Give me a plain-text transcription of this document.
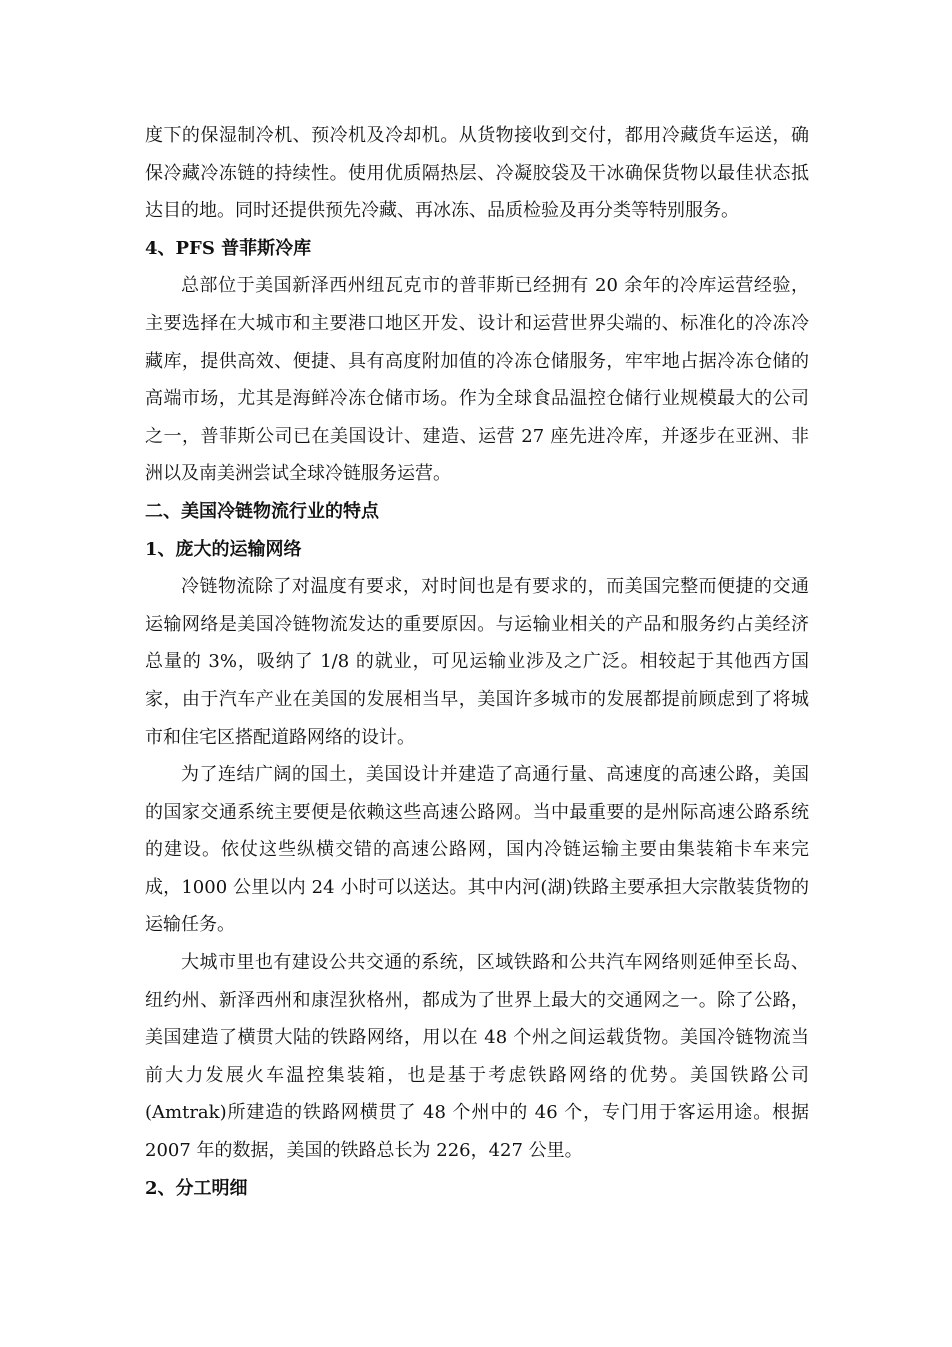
度下的保湿制冷机、预冷机及冷却机。从货物接收到交付，都用冷藏货车运送，确保冷藏冷冻链的持续性。使用优质隔热层、冷凝胶袋及干冰确保货物以最佳状态抵达目的地。同时还提供预先冷藏、再冰冻、品质检验及再分类等特别服务。

4、PFS 普菲斯冷库

总部位于美国新泽西州纽瓦克市的普菲斯已经拥有 20 余年的冷库运营经验，主要选择在大城市和主要港口地区开发、设计和运营世界尖端的、标准化的冷冻冷藏库，提供高效、便捷、具有高度附加值的冷冻仓储服务，牢牢地占据冷冻仓储的高端市场，尤其是海鲜冷冻仓储市场。作为全球食品温控仓储行业规模最大的公司之一，普菲斯公司已在美国设计、建造、运营 27 座先进冷库，并逐步在亚洲、非洲以及南美洲尝试全球冷链服务运营。

二、美国冷链物流行业的特点

1、庞大的运输网络

冷链物流除了对温度有要求，对时间也是有要求的，而美国完整而便捷的交通运输网络是美国冷链物流发达的重要原因。与运输业相关的产品和服务约占美经济总量的 3%，吸纳了 1/8 的就业，可见运输业涉及之广泛。相较起于其他西方国家，由于汽车产业在美国的发展相当早，美国许多城市的发展都提前顾虑到了将城市和住宅区搭配道路网络的设计。

为了连结广阔的国土，美国设计并建造了高通行量、高速度的高速公路，美国的国家交通系统主要便是依赖这些高速公路网。当中最重要的是州际高速公路系统的建设。依仗这些纵横交错的高速公路网，国内冷链运输主要由集装箱卡车来完成，1000 公里以内 24 小时可以送达。其中内河(湖)铁路主要承担大宗散装货物的运输任务。

大城市里也有建设公共交通的系统，区域铁路和公共汽车网络则延伸至长岛、纽约州、新泽西州和康涅狄格州，都成为了世界上最大的交通网之一。除了公路，美国建造了横贯大陆的铁路网络，用以在 48 个州之间运载货物。美国冷链物流当前大力发展火车温控集装箱，也是基于考虑铁路网络的优势。美国铁路公司(Amtrak)所建造的铁路网横贯了 48 个州中的 46 个，专门用于客运用途。根据 2007 年的数据，美国的铁路总长为 226，427 公里。

2、分工明细
